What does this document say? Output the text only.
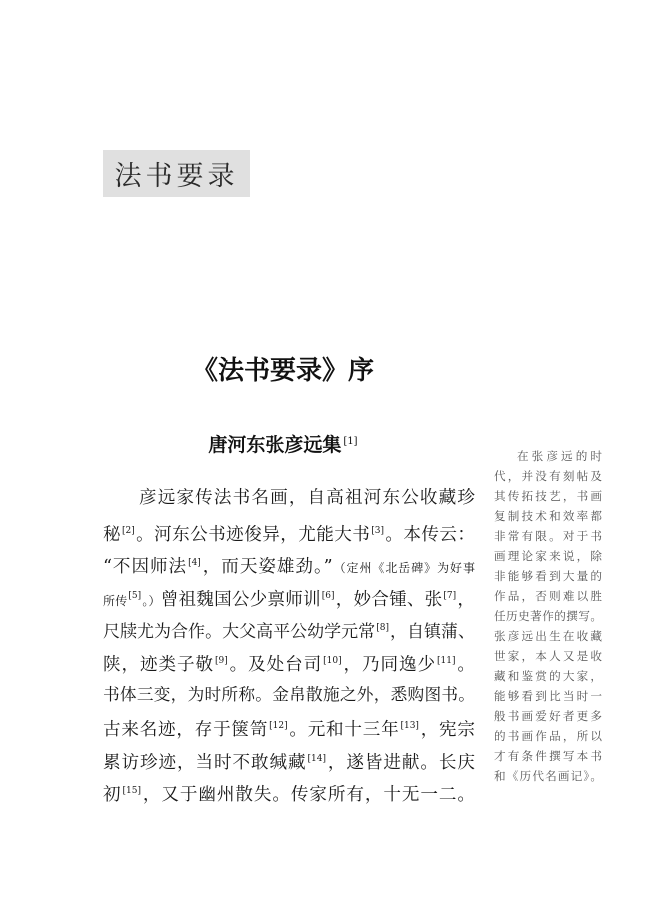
法书要录
《法书要录》序
唐河东张彦远集 [1]
彦远家传法书名画，自高祖河东公收藏珍
秘[2]。河东公书迹俊异，尤能大书[3]。本传云：
“不因师法[4]，而天姿雄劲。”（定州《北岳碑》为好事
所传[5]。）曾祖魏国公少禀师训[6]，妙合锺、张[7]，
尺牍尤为合作。大父高平公幼学元常[8]，自镇蒲、
陕，迹类子敬[9]。及处台司[10]，乃同逸少[11]。
书体三变，为时所称。金帛散施之外，悉购图书。
古来名迹，存于箧笥[12]。元和十三年[13]，宪宗
累访珍迹，当时不敢缄藏[14]，遂皆进献。长庆
初[15]，又于幽州散失。传家所有，十无一二。
在张彦远的时
代，并没有刻帖及
其传拓技艺，书画
复制技术和效率都
非常有限。对于书
画理论家来说，除
非能够看到大量的
作品，否则难以胜
任历史著作的撰写。
张彦远出生在收藏
世家，本人又是收
藏和鉴赏的大家，
能够看到比当时一
般书画爱好者更多
的书画作品，所以
才有条件撰写本书
和《历代名画记》。
